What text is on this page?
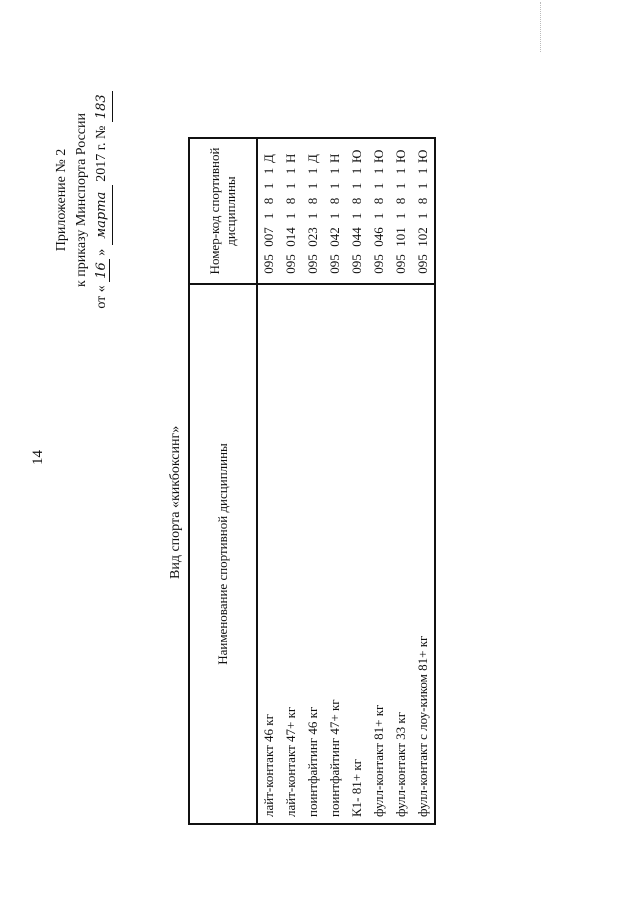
14
Приложение № 2 к приказу Минспорта России
от « 16 » марта 2017 г. № 183
Вид спорта «кикбоксинг» Наименование спортивной дисциплины	Номер-код спортивной дисциплины
лайт-контакт 46 кг	0950071811Д
лайт-контакт 47+ кг	0950141811Н
поинтфайтинг 46 кг	0950231811Д
поинтфайтинг 47+ кг	0950421811Н
К1- 81+ кг	0950441811Ю
фулл-контакт 81+ кг	0950461811Ю
фулл-контакт 33 кг	0951011811Ю
фулл-контакт с лоу-киком 81+ кг	0951021811Ю
